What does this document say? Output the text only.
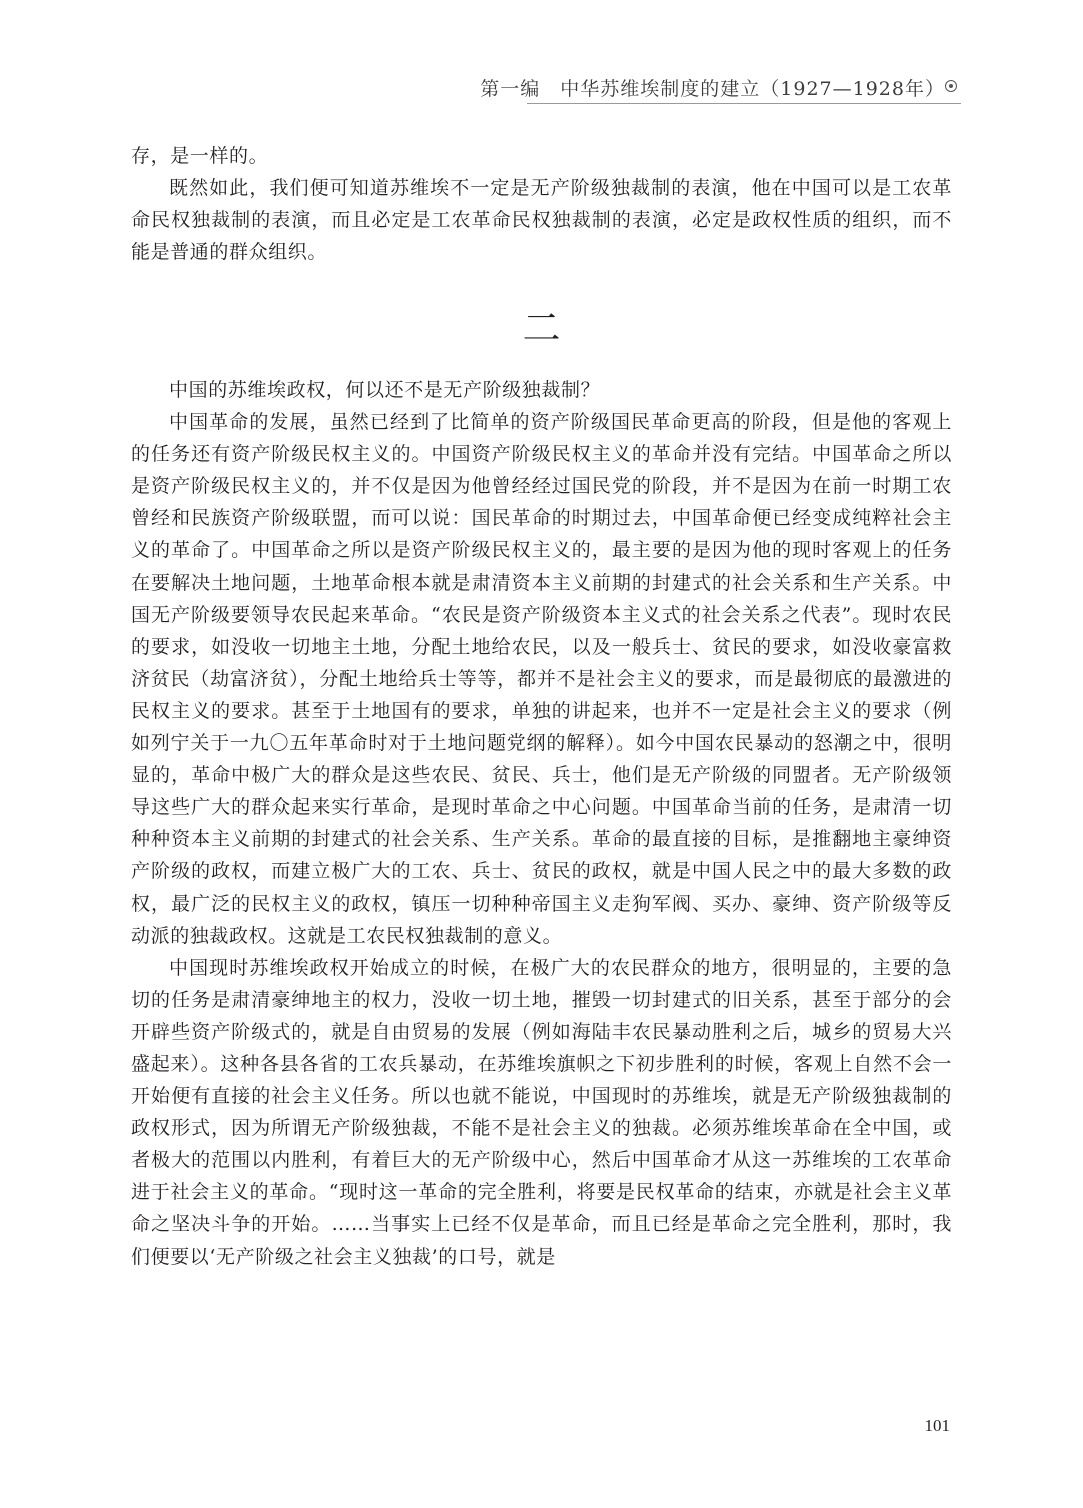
第一编　中华苏维埃制度的建立（1927—1928年）

存，是一样的。

既然如此，我们便可知道苏维埃不一定是无产阶级独裁制的表演，他在中国可以是工农革命民权独裁制的表演，而且必定是工农革命民权独裁制的表演，必定是政权性质的组织，而不能是普通的群众组织。

二

中国的苏维埃政权，何以还不是无产阶级独裁制？

中国革命的发展，虽然已经到了比简单的资产阶级国民革命更高的阶段，但是他的客观上的任务还有资产阶级民权主义的。中国资产阶级民权主义的革命并没有完结。中国革命之所以是资产阶级民权主义的，并不仅是因为他曾经经过国民党的阶段，并不是因为在前一时期工农曾经和民族资产阶级联盟，而可以说：国民革命的时期过去，中国革命便已经变成纯粹社会主义的革命了。中国革命之所以是资产阶级民权主义的，最主要的是因为他的现时客观上的任务在要解决土地问题，土地革命根本就是肃清资本主义前期的封建式的社会关系和生产关系。中国无产阶级要领导农民起来革命。“农民是资产阶级资本主义式的社会关系之代表”。现时农民的要求，如没收一切地主土地，分配土地给农民，以及一般兵士、贫民的要求，如没收豪富救济贫民（劫富济贫），分配土地给兵士等等，都并不是社会主义的要求，而是最彻底的最激进的民权主义的要求。甚至于土地国有的要求，单独的讲起来，也并不一定是社会主义的要求（例如列宁关于一九〇五年革命时对于土地问题党纲的解释）。如今中国农民暴动的怒潮之中，很明显的，革命中极广大的群众是这些农民、贫民、兵士，他们是无产阶级的同盟者。无产阶级领导这些广大的群众起来实行革命，是现时革命之中心问题。中国革命当前的任务，是肃清一切种种资本主义前期的封建式的社会关系、生产关系。革命的最直接的目标，是推翻地主豪绅资产阶级的政权，而建立极广大的工农、兵士、贫民的政权，就是中国人民之中的最大多数的政权，最广泛的民权主义的政权，镇压一切种种帝国主义走狗军阀、买办、豪绅、资产阶级等反动派的独裁政权。这就是工农民权独裁制的意义。

中国现时苏维埃政权开始成立的时候，在极广大的农民群众的地方，很明显的，主要的急切的任务是肃清豪绅地主的权力，没收一切土地，摧毁一切封建式的旧关系，甚至于部分的会开辟些资产阶级式的，就是自由贸易的发展（例如海陆丰农民暴动胜利之后，城乡的贸易大兴盛起来）。这种各县各省的工农兵暴动，在苏维埃旗帜之下初步胜利的时候，客观上自然不会一开始便有直接的社会主义任务。所以也就不能说，中国现时的苏维埃，就是无产阶级独裁制的政权形式，因为所谓无产阶级独裁，不能不是社会主义的独裁。必须苏维埃革命在全中国，或者极大的范围以内胜利，有着巨大的无产阶级中心，然后中国革命才从这一苏维埃的工农革命进于社会主义的革命。“现时这一革命的完全胜利，将要是民权革命的结束，亦就是社会主义革命之坚决斗争的开始。……当事实上已经不仅是革命，而且已经是革命之完全胜利，那时，我们便要以‘无产阶级之社会主义独裁’的口号，就是

101
